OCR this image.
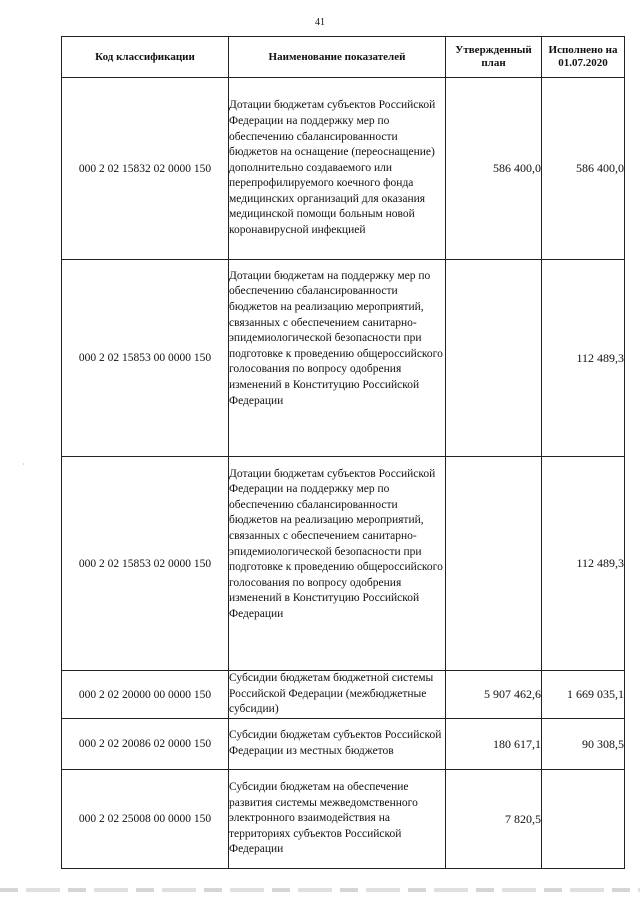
41
·
Код классификации	Наименование показателей	Утвержденный план	Исполнено на 01.07.2020
000 2 02 15832 02 0000 150	Дотации бюджетам субъектов Российской Федерации на поддержку мер по обеспечению сбалансированности бюджетов на оснащение (переоснащение) дополнительно создаваемого или перепрофилируемого коечного фонда медицинских организаций для оказания медицинской помощи больным новой коронавирусной инфекцией	586 400,0	586 400,0
000 2 02 15853 00 0000 150	Дотации бюджетам на поддержку мер по обеспечению сбалансированности бюджетов на реализацию мероприятий, связанных с обеспечением санитарно-эпидемиологической безопасности при подготовке к проведению общероссийского голосования по вопросу одобрения изменений в Конституцию Российской Федерации		112 489,3
000 2 02 15853 02 0000 150	Дотации бюджетам субъектов Российской Федерации на поддержку мер по обеспечению сбалансированности бюджетов на реализацию мероприятий, связанных с обеспечением санитарно-эпидемиологической безопасности при подготовке к проведению общероссийского голосования по вопросу одобрения изменений в Конституцию Российской Федерации		112 489,3
000 2 02 20000 00 0000 150	Субсидии бюджетам бюджетной системы Российской Федерации (межбюджетные субсидии)	5 907 462,6	1 669 035,1
000 2 02 20086 02 0000 150	Субсидии бюджетам субъектов Российской Федерации из местных бюджетов	180 617,1	90 308,5
000 2 02 25008 00 0000 150	Субсидии бюджетам на обеспечение развития системы межведомственного электронного взаимодействия на территориях субъектов Российской Федерации	7 820,5	
